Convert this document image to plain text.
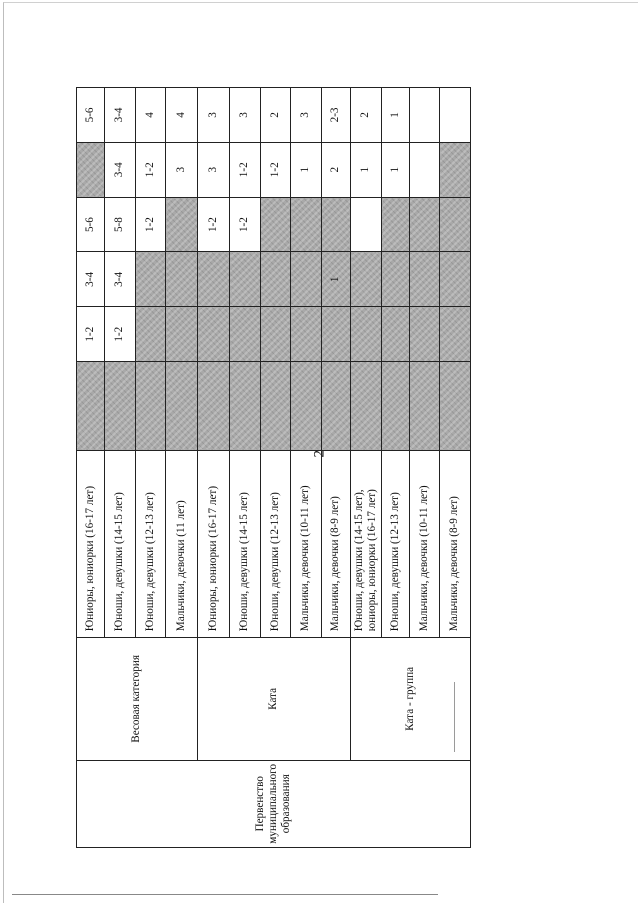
Первенство муниципального образования	Весовая категория	Юниоры, юниорки (16-17 лет)		1-2	3-4	5-6		5-6
		Юноши, девушки (14-15 лет)		1-2	3-4	5-8	3-4	3-4
		Юноши, девушки (12-13 лет)				1-2	1-2	4
		Мальчики, девочки (11 лет)					3	4
	Ката	Юниоры, юниорки (16-17 лет)				1-2	3	3
		Юноши, девушки (14-15 лет)				1-2	1-2	3
		Юноши, девушки (12-13 лет)					1-2	2
		Мальчики, девочки (10-11 лет)					1	3
		Мальчики, девочки (8-9 лет)			1		2	2-3
	Ката - группа	Юноши, девушки (14-15 лет), юниоры, юниорки (16-17 лет)					1	2
		Юноши, девушки (12-13 лет)					1	1
		Мальчики, девочки (10-11 лет)						
		Мальчики, девочки (8-9 лет)						
